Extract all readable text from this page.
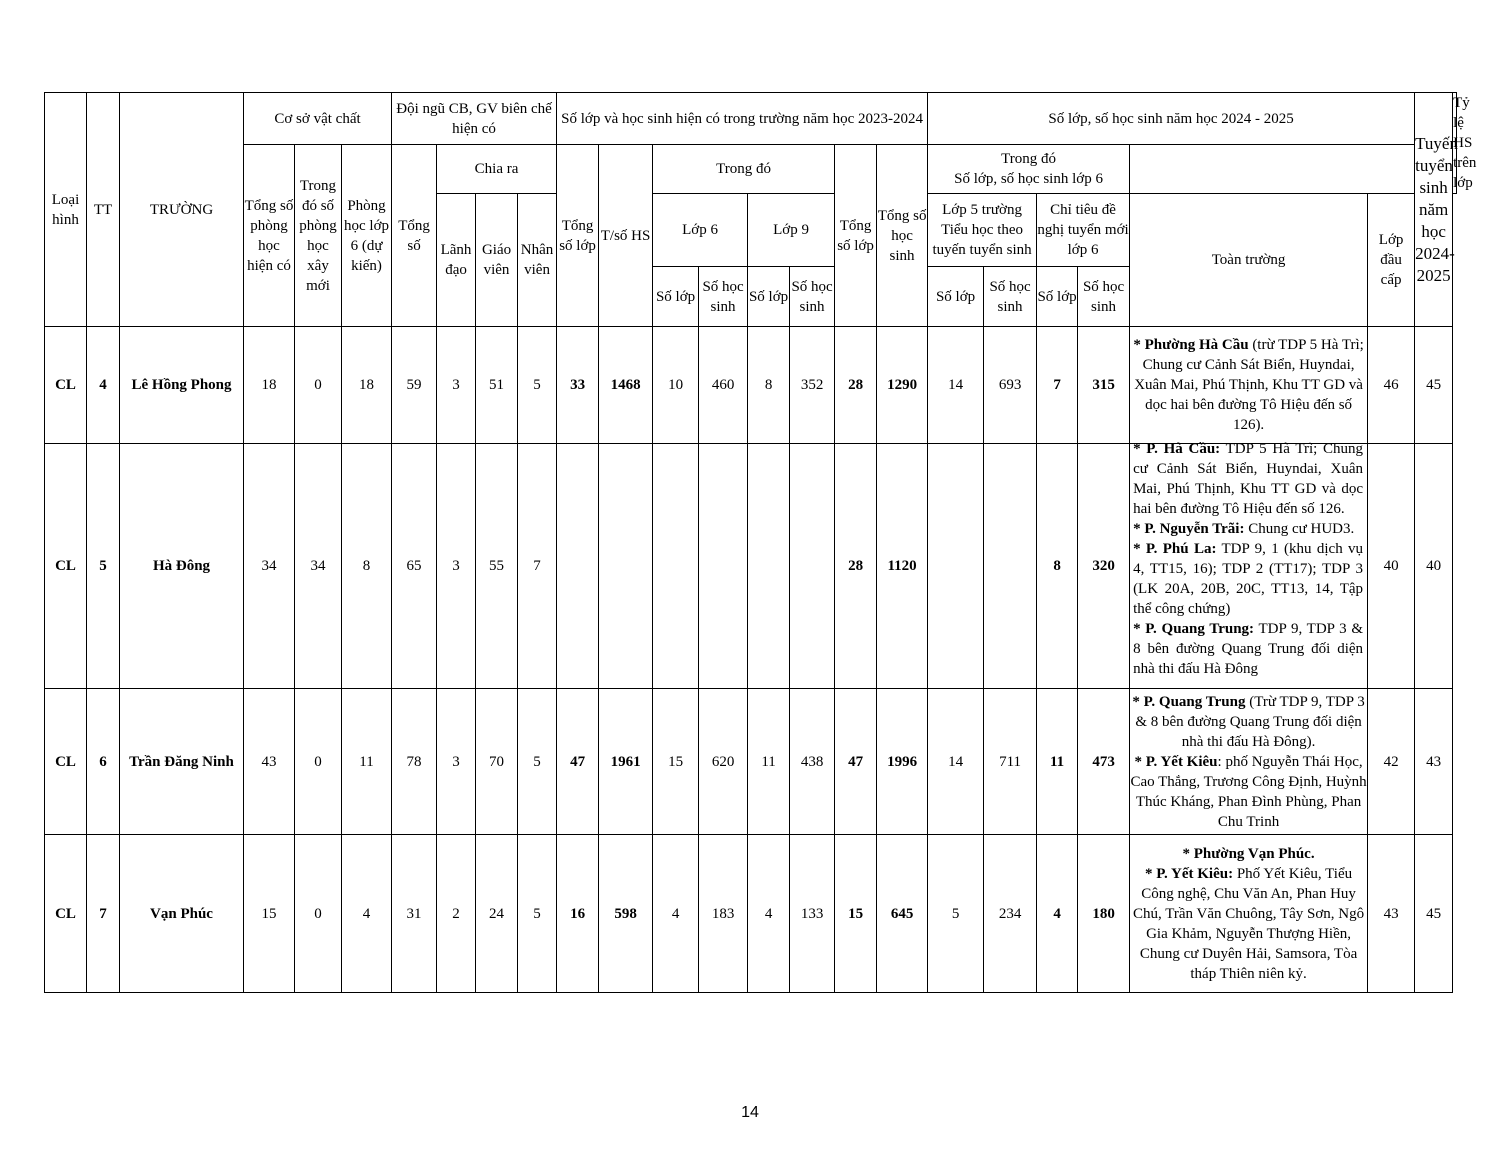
Loại hình	TT	TRƯỜNG	Cơ sở vật chất			Đội ngũ CB, GV biên chế hiện có				Số lớp và học sinh hiện có trong trường năm học 2023-2024								Số lớp, số học sinh năm học 2024 - 2025						Tuyến tuyển sinh
năm học
2024-2025	Tỷ lệ HS trên lớp
			Tổng số phòng học hiện có	Trong đó số phòng học xây mới	Phòng học lớp 6 (dự kiến)	Tổng số	Chia ra			Tổng số lớp	T/số HS	Trong đó				Tổng số lớp	Tổng số học sinh	Trong đó
Số lớp, số học sinh lớp 6							

							Lãnh đạo	Giáo viên	Nhân viên			Lớp 6		Lớp 9				Lớp 5 trường Tiểu học theo tuyến tuyển sinh		Chỉ tiêu đề nghị tuyển mới lớp 6		Toàn trường	Lớp đầu cấp		
												Số lớp	Số học sinh	Số lớp	Số học sinh			Số lớp	Số học sinh	Số lớp	Số học sinh				
CL	4	Lê Hồng Phong	18	0	18	59	3	51	5	33	1468	10	460	8	352	28	1290	14	693	7	315	* Phường Hà Cầu (trừ TDP 5 Hà Trì; Chung cư Cảnh Sát Biển, Huyndai, Xuân Mai, Phú Thịnh, Khu TT GD và dọc hai bên đường Tô Hiệu đến số 126).	46	45	
CL	5	Hà Đông	34	34	8	65	3	55	7							28	1120			8	320	* P. Hà Cầu: TDP 5 Hà Trì; Chung cư Cảnh Sát Biển, Huyndai, Xuân Mai, Phú Thịnh, Khu TT GD và dọc hai bên đường Tô Hiệu đến số 126.
* P. Nguyễn Trãi: Chung cư HUD3.
* P. Phú La: TDP 9, 1 (khu dịch vụ 4, TT15, 16); TDP 2 (TT17); TDP 3 (LK 20A, 20B, 20C, TT13, 14, Tập thể công chứng)
* P. Quang Trung: TDP 9, TDP 3 & 8 bên đường Quang Trung đối diện nhà thi đấu Hà Đông	40	40	
CL	6	Trần Đăng Ninh	43	0	11	78	3	70	5	47	1961	15	620	11	438	47	1996	14	711	11	473	* P. Quang Trung (Trừ TDP 9, TDP 3 & 8 bên đường Quang Trung đối diện nhà thi đấu Hà Đông).
* P. Yết Kiêu: phố Nguyễn Thái Học, Cao Thắng, Trương Công Định, Huỳnh Thúc Kháng, Phan Đình Phùng, Phan Chu Trinh	42	43	
CL	7	Vạn Phúc	15	0	4	31	2	24	5	16	598	4	183	4	133	15	645	5	234	4	180	* Phường Vạn Phúc.
* P. Yết Kiêu: Phố Yết Kiêu, Tiểu Công nghệ, Chu Văn An, Phan Huy Chú, Trần Văn Chuông, Tây Sơn, Ngô Gia Khảm, Nguyễn Thượng Hiền, Chung cư Duyên Hải, Samsora, Tòa tháp Thiên niên kỷ.	43	45	
14
